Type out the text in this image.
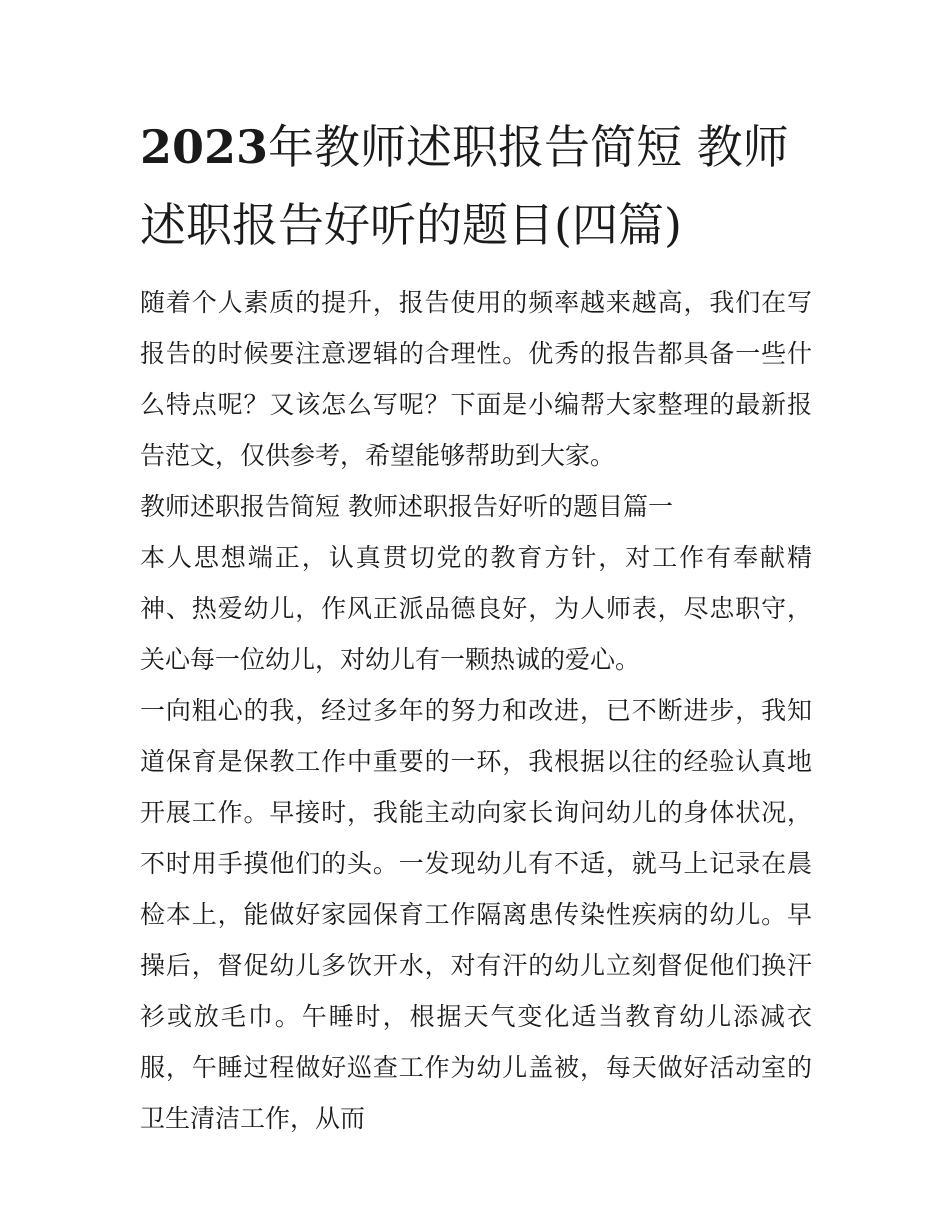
2023年教师述职报告简短 教师述职报告好听的题目(四篇)

随着个人素质的提升，报告使用的频率越来越高，我们在写报告的时候要注意逻辑的合理性。优秀的报告都具备一些什么特点呢？又该怎么写呢？下面是小编帮大家整理的最新报告范文，仅供参考，希望能够帮助到大家。

教师述职报告简短 教师述职报告好听的题目篇一

本人思想端正，认真贯切党的教育方针，对工作有奉献精神、热爱幼儿，作风正派品德良好，为人师表，尽忠职守，关心每一位幼儿，对幼儿有一颗热诚的爱心。

一向粗心的我，经过多年的努力和改进，已不断进步，我知道保育是保教工作中重要的一环，我根据以往的经验认真地开展工作。早接时，我能主动向家长询问幼儿的身体状况，不时用手摸他们的头。一发现幼儿有不适，就马上记录在晨检本上，能做好家园保育工作隔离患传染性疾病的幼儿。早操后，督促幼儿多饮开水，对有汗的幼儿立刻督促他们换汗衫或放毛巾。午睡时，根据天气变化适当教育幼儿添减衣服，午睡过程做好巡查工作为幼儿盖被，每天做好活动室的卫生清洁工作，从而
